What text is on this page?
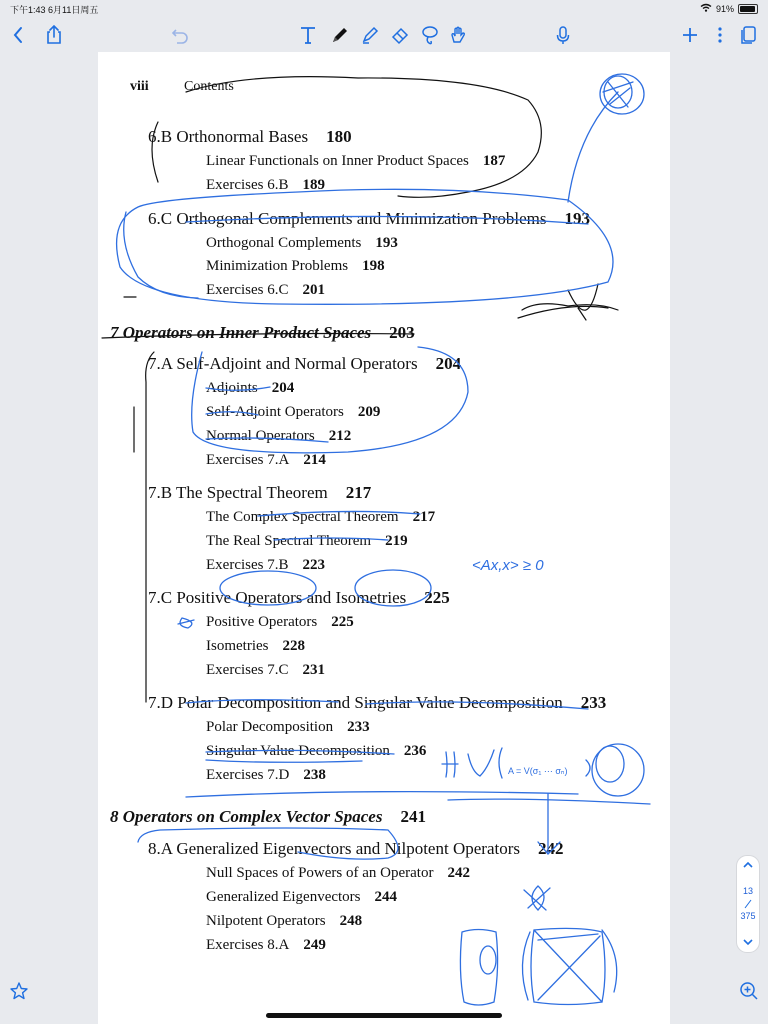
下午1:43 6月11日周五	91%
viii	Contents
6.B Orthonormal Bases 180
Linear Functionals on Inner Product Spaces 187
Exercises 6.B 189
6.C Orthogonal Complements and Minimization Problems 193
Orthogonal Complements 193
Minimization Problems 198
Exercises 6.C 201
7 Operators on Inner Product Spaces 203
7.A Self-Adjoint and Normal Operators 204
Adjoints 204
Self-Adjoint Operators 209
Normal Operators 212
Exercises 7.A 214
7.B The Spectral Theorem 217
The Complex Spectral Theorem 217
The Real Spectral Theorem 219
Exercises 7.B 223
7.C Positive Operators and Isometries 225
Positive Operators 225
Isometries 228
Exercises 7.C 231
7.D Polar Decomposition and Singular Value Decomposition 233
Polar Decomposition 233
Singular Value Decomposition 236
Exercises 7.D 238
8 Operators on Complex Vector Spaces 241
8.A Generalized Eigenvectors and Nilpotent Operators 242
Null Spaces of Powers of an Operator 242
Generalized Eigenvectors 244
Nilpotent Operators 248
Exercises 8.A 249
<Ax,x> ≥ 0
A = V(σ₁ ⋯ σₙ)
13
375
